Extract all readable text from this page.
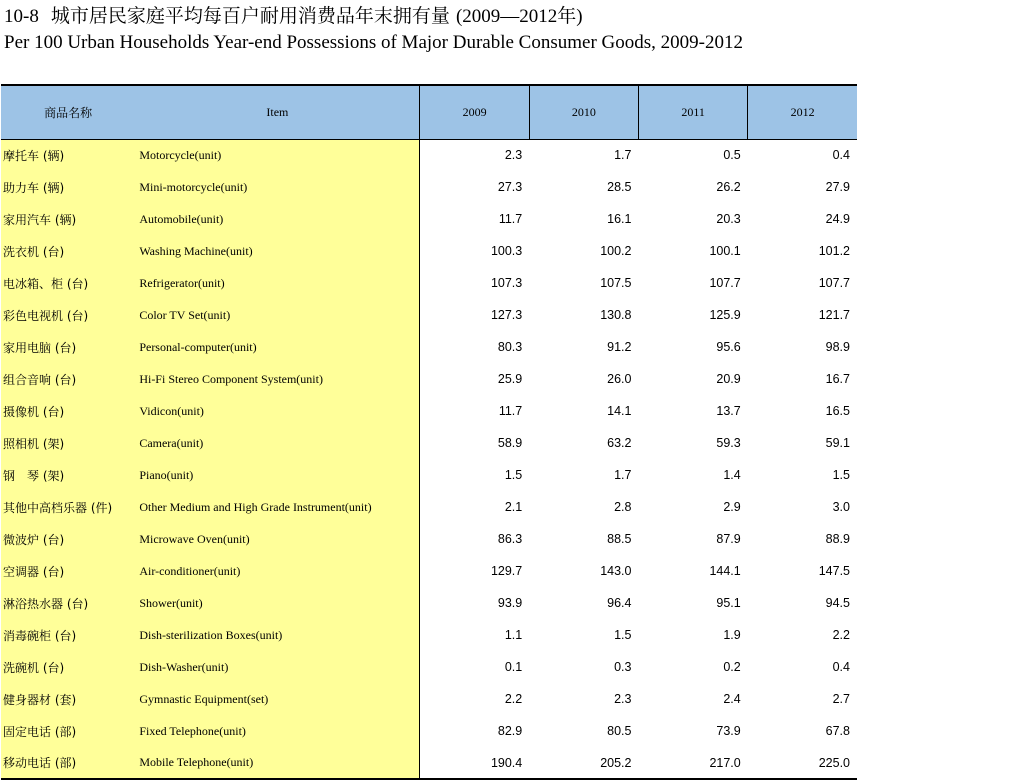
10-8 城市居民家庭平均每百户耐用消费品年末拥有量 (2009—2012年)
Per 100 Urban Households Year-end Possessions of Major Durable Consumer Goods, 2009-2012
商品名称	Item	2009	2010	2011	2012
摩托车 (辆)	Motorcycle(unit)	2.3	1.7	0.5	0.4
助力车 (辆)	Mini-motorcycle(unit)	27.3	28.5	26.2	27.9
家用汽车 (辆)	Automobile(unit)	11.7	16.1	20.3	24.9
洗衣机 (台)	Washing Machine(unit)	100.3	100.2	100.1	101.2
电冰箱、柜 (台)	Refrigerator(unit)	107.3	107.5	107.7	107.7
彩色电视机 (台)	Color TV Set(unit)	127.3	130.8	125.9	121.7
家用电脑 (台)	Personal-computer(unit)	80.3	91.2	95.6	98.9
组合音响 (台)	Hi-Fi Stereo Component System(unit)	25.9	26.0	20.9	16.7
摄像机 (台)	Vidicon(unit)	11.7	14.1	13.7	16.5
照相机 (架)	Camera(unit)	58.9	63.2	59.3	59.1
钢　琴 (架)	Piano(unit)	1.5	1.7	1.4	1.5
其他中高档乐器 (件)	Other Medium and High Grade Instrument(unit)	2.1	2.8	2.9	3.0
微波炉 (台)	Microwave Oven(unit)	86.3	88.5	87.9	88.9
空调器 (台)	Air-conditioner(unit)	129.7	143.0	144.1	147.5
淋浴热水器 (台)	Shower(unit)	93.9	96.4	95.1	94.5
消毒碗柜 (台)	Dish-sterilization Boxes(unit)	1.1	1.5	1.9	2.2
洗碗机 (台)	Dish-Washer(unit)	0.1	0.3	0.2	0.4
健身器材 (套)	Gymnastic Equipment(set)	2.2	2.3	2.4	2.7
固定电话 (部)	Fixed Telephone(unit)	82.9	80.5	73.9	67.8
移动电话 (部)	Mobile Telephone(unit)	190.4	205.2	217.0	225.0
